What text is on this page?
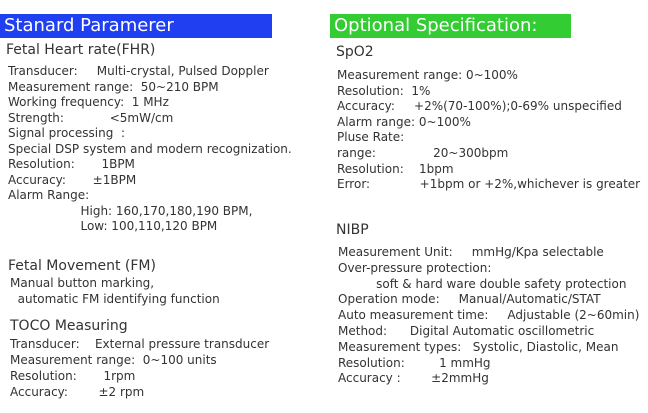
Stanard Paramerer	Optional Specification:
Fetal Heart rate(FHR)
Transducer:     Multi-crystal, Pulsed Doppler
Measurement range:  50~210 BPM
Working frequency:  1 MHz
Strength:            <5mW/cm
Signal processing  :
Special DSP system and modern recognization.
Resolution:       1BPM
Accuracy:       ±1BPM
Alarm Range:
High: 160,170,180,190 BPM,
Low: 100,110,120 BPM
Fetal Movement (FM)
Manual button marking,
automatic FM identifying function
TOCO Measuring
Transducer:    External pressure transducer
Measurement range:  0~100 units
Resolution:       1rpm
Accuracy:        ±2 rpm
SpO2
Measurement range: 0~100%
Resolution:  1%
Accuracy:     +2%(70-100%);0-69% unspecified
Alarm range: 0~100%
Pluse Rate:
range:               20~300bpm
Resolution:    1bpm
Error:             +1bpm or +2%,whichever is greater
NIBP
Measurement Unit:     mmHg/Kpa selectable
Over-pressure protection:
soft & hard ware double safety protection
Operation mode:     Manual/Automatic/STAT
Auto measurement time:     Adjustable (2~60min)
Method:      Digital Automatic oscillometric
Measurement types:   Systolic, Diastolic, Mean
Resolution:         1 mmHg
Accuracy :        ±2mmHg
